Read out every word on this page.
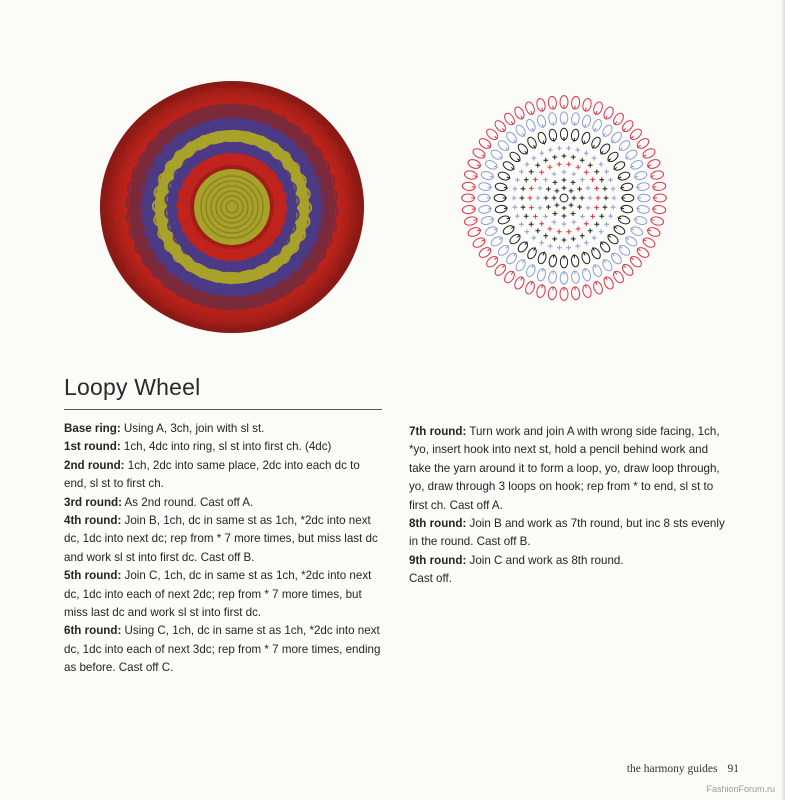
Loopy Wheel

Base ring: Using A, 3ch, join with sl st.

1st round: 1ch, 4dc into ring, sl st into first ch. (4dc)

2nd round: 1ch, 2dc into same place, 2dc into each dc to end, sl st to first ch.

3rd round: As 2nd round. Cast off A.

4th round: Join B, 1ch, dc in same st as 1ch, *2dc into next dc, 1dc into next dc; rep from * 7 more times, but miss last dc and work sl st into first dc. Cast off B.

5th round: Join C, 1ch, dc in same st as 1ch, *2dc into next dc, 1dc into each of next 2dc; rep from * 7 more times, but miss last dc and work sl st into first dc.

6th round: Using C, 1ch, dc in same st as 1ch, *2dc into next dc, 1dc into each of next 3dc; rep from * 7 more times, ending as before. Cast off C.

7th round: Turn work and join A with wrong side facing, 1ch, *yo, insert hook into next st, hold a pencil behind work and take the yarn around it to form a loop, yo, draw loop through, yo, draw through 3 loops on hook; rep from * to end, sl st to first ch. Cast off A.

8th round: Join B and work as 7th round, but inc 8 sts evenly in the round. Cast off B.

9th round: Join C and work as 8th round.

Cast off.

the harmony guides 91
FashionForum.ru
